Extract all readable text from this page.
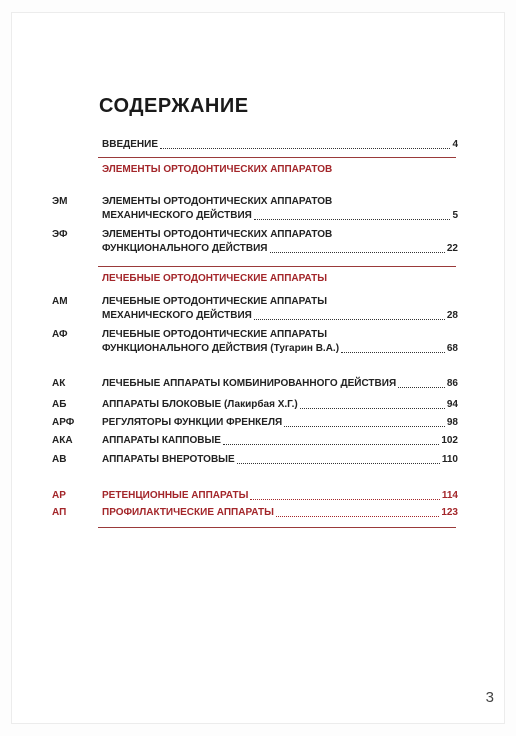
СОДЕРЖАНИЕ
ВВЕДЕНИЕ	4
ЭЛЕМЕНТЫ ОРТОДОНТИЧЕСКИХ АППАРАТОВ
ЭМ	ЭЛЕМЕНТЫ ОРТОДОНТИЧЕСКИХ АППАРАТОВ
МЕХАНИЧЕСКОГО ДЕЙСТВИЯ	5
ЭФ	ЭЛЕМЕНТЫ ОРТОДОНТИЧЕСКИХ АППАРАТОВ
ФУНКЦИОНАЛЬНОГО ДЕЙСТВИЯ	22
ЛЕЧЕБНЫЕ ОРТОДОНТИЧЕСКИЕ АППАРАТЫ
АМ	ЛЕЧЕБНЫЕ ОРТОДОНТИЧЕСКИЕ АППАРАТЫ
МЕХАНИЧЕСКОГО ДЕЙСТВИЯ	28
АФ	ЛЕЧЕБНЫЕ ОРТОДОНТИЧЕСКИЕ АППАРАТЫ
ФУНКЦИОНАЛЬНОГО ДЕЙСТВИЯ (Тугарин В.А.)	68
АК	ЛЕЧЕБНЫЕ АППАРАТЫ КОМБИНИРОВАННОГО ДЕЙСТВИЯ	86
АБ	АППАРАТЫ БЛОКОВЫЕ (Лакирбая Х.Г.)	94
АРФ	РЕГУЛЯТОРЫ ФУНКЦИИ ФРЕНКЕЛЯ	98
АКА	АППАРАТЫ КАППОВЫЕ	102
АВ	АППАРАТЫ ВНЕРОТОВЫЕ	110
АР	РЕТЕНЦИОННЫЕ АППАРАТЫ	114
АП	ПРОФИЛАКТИЧЕСКИЕ АППАРАТЫ	123
3
